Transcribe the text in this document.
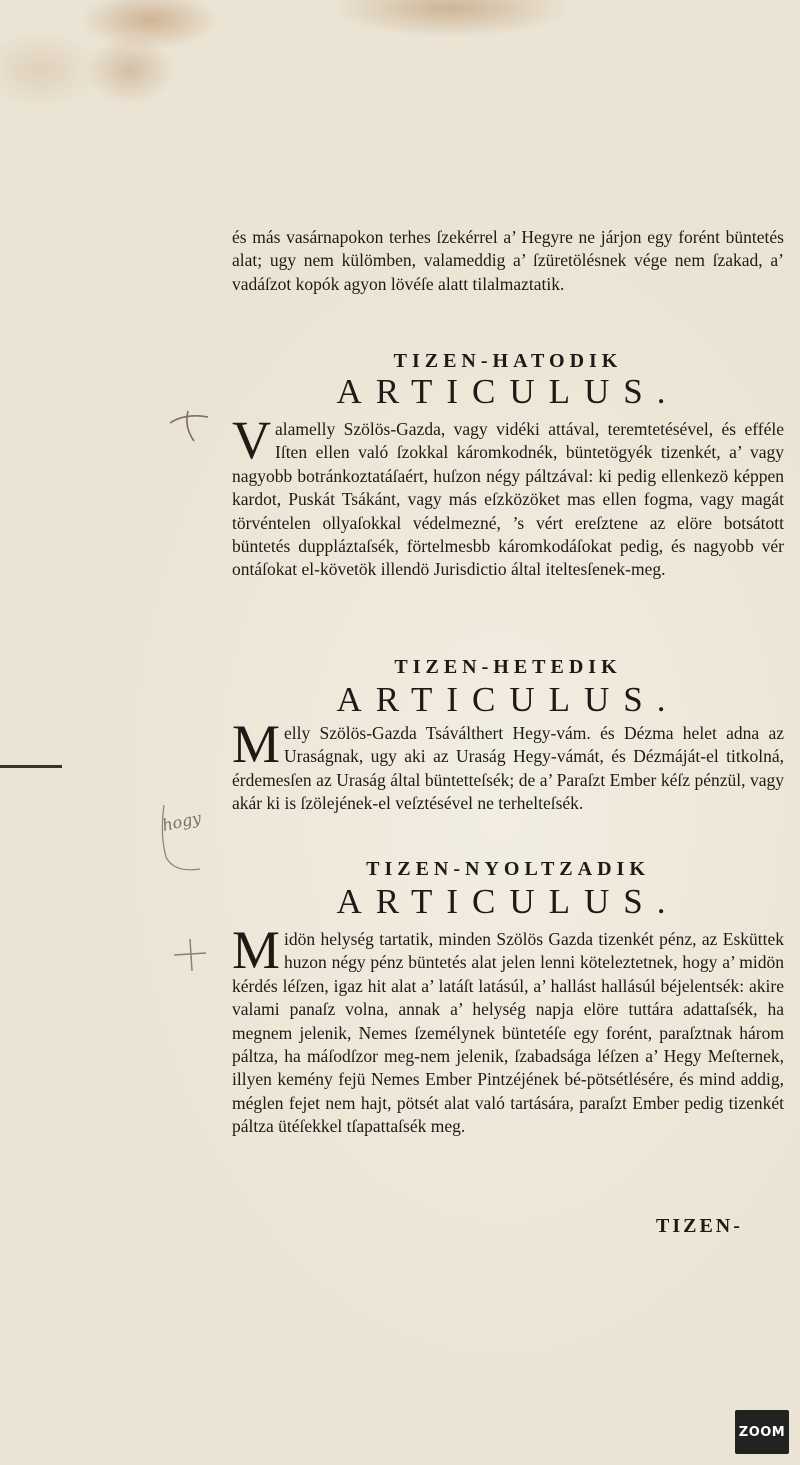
és más vasárnapokon terhes ſzekérrel a’ Hegyre ne járjon egy forént büntetés alat; ugy nem külömben, valameddig a’ ſzüretölésnek vége nem ſzakad, a’ vadáſzot kopók agyon lövéſe alatt tilalmaztatik.

TIZEN-HATODIK
ARTICULUS.
V alamelly Szölös-Gazda, vagy vidéki attával, teremtetésével, és efféle Iſten ellen való ſzokkal káromkodnék, büntetögyék tizenkét, a’ vagy nagyobb botránkoztatáſaért, huſzon négy páltzával: ki pedig ellenkezö képpen kardot, Puskát Tsákánt, vagy más eſzközöket mas ellen fogma, vagy magát törvéntelen ollyaſokkal védelmezné, ’s vért ereſztene az elöre botsátott büntetés duppláztaſsék, förtelmesbb káromkodáſokat pedig, és nagyobb vér ontáſokat el-követök illendö Jurisdictio által iteltesſenek-meg.

TIZEN-HETEDIK
ARTICULUS.
M elly Szölös-Gazda Tsáválthert Hegy-vám. és Dézma helet adna az Uraságnak, ugy aki az Uraság Hegy-vámát, és Dézmáját-el titkolná, érdemesſen az Uraság által büntetteſsék; de a’ Paraſzt Ember kéſz pénzül, vagy akár ki is ſzölejének-el veſztésével ne terhelteſsék.

TIZEN-NYOLTZADIK
ARTICULUS.
M idön helység tartatik, minden Szölös Gazda tizenkét pénz, az Esküttek huzon négy pénz büntetés alat jelen lenni köteleztetnek, hogy a’ midön kérdés léſzen, igaz hit alat a’ latáſt latásúl, a’ hallást hallásúl béjelentsék: akire valami panaſz volna, annak a’ helység napja elöre tuttára adattaſsék, ha megnem jelenik, Nemes ſzemélynek büntetéſe egy forént, paraſztnak három páltza, ha máſodſzor meg-nem jelenik, ſzabadsága léſzen a’ Hegy Meſternek, illyen kemény fejü Nemes Ember Pintzéjének bé-pötsétlésére, és mind addig, méglen fejet nem hajt, pötsét alat való tartására, paraſzt Ember pedig tizenkét páltza ütéſekkel tſapattaſsék meg.

TIZEN-
hogy
ZOOM
